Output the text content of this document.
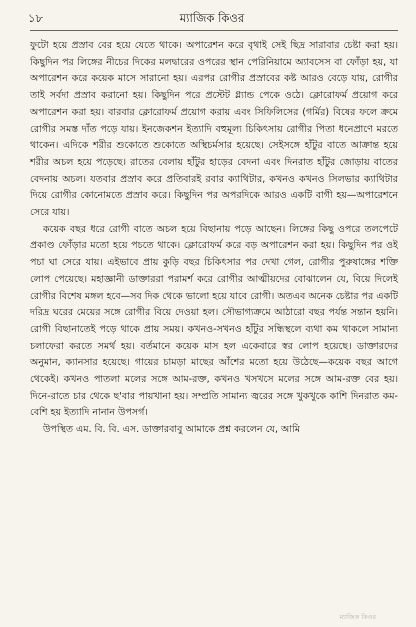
১৮	ম্যাজিক কিওর

ফুটো হয়ে প্রস্রাব বের হয়ে যেতে থাকে। অপারেশন করে বৃথাই সেই ছিদ্র সারাবার চেষ্টা করা হয়। কিছুদিন পর লিঙ্গের নীচের দিকের মলদ্বারের ওপরের স্থান পেরিনিয়ামে অ্যাবসেস বা ফোঁড়া হয়, যা অপারেশন করে কয়েক মাসে সারানো হয়। এরপর রোগীর প্রস্রাবের কষ্ট আরও বেড়ে যায়, রোগীর তাই সর্বদা প্রস্রাব করানো হয়। কিছুদিন পরে প্রস্টেট গ্ল্যান্ড পেকে ওঠে। ক্লোরোফর্ম প্রয়োগ করে অপারেশন করা হয়। বারবার ক্লোরোফর্ম প্রয়োগ করায় এবং সিফিলিসের (গর্মির) বিষের ফলে ক্রমে রোগীর সমস্ত দাঁত পড়ে যায়। ইনজেকশন ইত্যাদি বহুমূল্য চিকিৎসায় রোগীর পিতা ধনেপ্রাণে মরতে থাকেন। এদিকে শরীর শুকোতে শুকোতে অস্থিচর্মসার হয়েছে। সেইসঙ্গে হাঁটুর বাতে আক্রান্ত হয়ে শরীর অচল হয়ে পড়েছে। রাতের বেলায় হাঁটুর হাড়ের বেদনা এবং দিনরাত হাঁটুর জোড়ায় বাতের বেদনায় অচল। যতবার প্রস্রাব করে প্রতিবারই রবার ক্যাথিটার, কখনও কখনও সিলভার ক্যাথিটার দিয়ে রোগীর কোনোমতে প্রস্রাব করে। কিছুদিন পর অপরদিকে আরও একটি বাগী হয়—অপারেশনে সেরে যায়।

কয়েক বছর ধরে রোগী বাতে অচল হয়ে বিছানায় পড়ে আছেন। লিঙ্গের কিছু ওপরে তলপেটে প্রকাণ্ড ফোঁড়ার মতো হয়ে পচতে থাকে। ক্লোরোফর্ম করে বড় অপারেশন করা হয়। কিছুদিন পর ওই পচা ঘা সেরে যায়। এইভাবে প্রায় কুড়ি বছর চিকিৎসার পর দেখা গেল, রোগীর পুরুষাঙ্গের শক্তি লোপ পেয়েছে। মহাজ্ঞানী ডাক্তাররা পরামর্শ করে রোগীর আত্মীয়দের বোঝালেন যে, বিয়ে দিলেই রোগীর বিশেষ মঙ্গল হবে—সব দিক থেকে ভালো হয়ে যাবে রোগী। অতএব অনেক চেষ্টার পর একটি দরিদ্র ঘরের মেয়ের সঙ্গে রোগীর বিয়ে দেওয়া হল। সৌভাগ্যক্রমে আঠারো বছর পর্যন্ত সন্তান হয়নি। রোগী বিছানাতেই পড়ে থাকে প্রায় সময়। কখনও-সখনও হাঁটুর সন্ধিস্থলে ব্যথা কম থাকলে সামান্য চলাফেরা করতে সমর্থ হয়। বর্তমানে কয়েক মাস হল একেবারে স্বর লোপ হয়েছে। ডাক্তারদের অনুমান, ক্যানসার হয়েছে। গায়ের চামড়া মাছের আঁশের মতো হয়ে উঠেছে—কয়েক বছর আগে থেকেই। কখনও পাতলা মলের সঙ্গে আম-রক্ত, কখনও খসখসে মলের সঙ্গে আম-রক্ত বের হয়। দিনে-রাতে চার থেকে ছ'বার পায়খানা হয়। সম্প্রতি সামান্য জ্বরের সঙ্গে খুকখুকে কাশি দিনরাত কম-বেশি হয় ইত্যাদি নানান উপসর্গ।

উপস্থিত এম. বি. বি. এস. ডাক্তারবাবু আমাকে প্রশ্ন করলেন যে, আমি

ম্যাজিক কিওর
